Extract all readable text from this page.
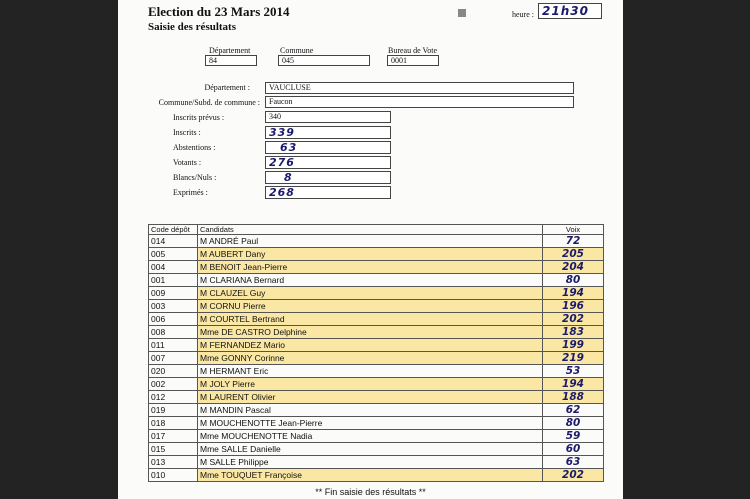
Election du 23 Mars 2014
Saisie des résultats
heure : 21h30
Département
84
Commune
045
Bureau de Vote
0001
Département :	VAUCLUSE
Commune/Subd. de commune :	Faucon
Inscrits prévus :	340
Inscrits :	339
Abstentions :	63
Votants :	276
Blancs/Nuls :	8
Exprimés :	268
Code dépôt	Candidats	Voix
014	M ANDRÉ Paul	72
005	M AUBERT Dany	205
004	M BENOIT Jean-Pierre	204
001	M CLARIANA Bernard	80
009	M CLAUZEL Guy	194
003	M CORNU Pierre	196
006	M COURTEL Bertrand	202
008	Mme DE CASTRO Delphine	183
011	M FERNANDEZ Mario	199
007	Mme GONNY Corinne	219
020	M HERMANT Eric	53
002	M JOLY Pierre	194
012	M LAURENT Olivier	188
019	M MANDIN Pascal	62
018	M MOUCHENOTTE Jean-Pierre	80
017	Mme MOUCHENOTTE Nadia	59
015	Mme SALLE Danielle	60
013	M SALLE Philippe	63
010	Mme TOUQUET Françoise	202
** Fin saisie des résultats **
